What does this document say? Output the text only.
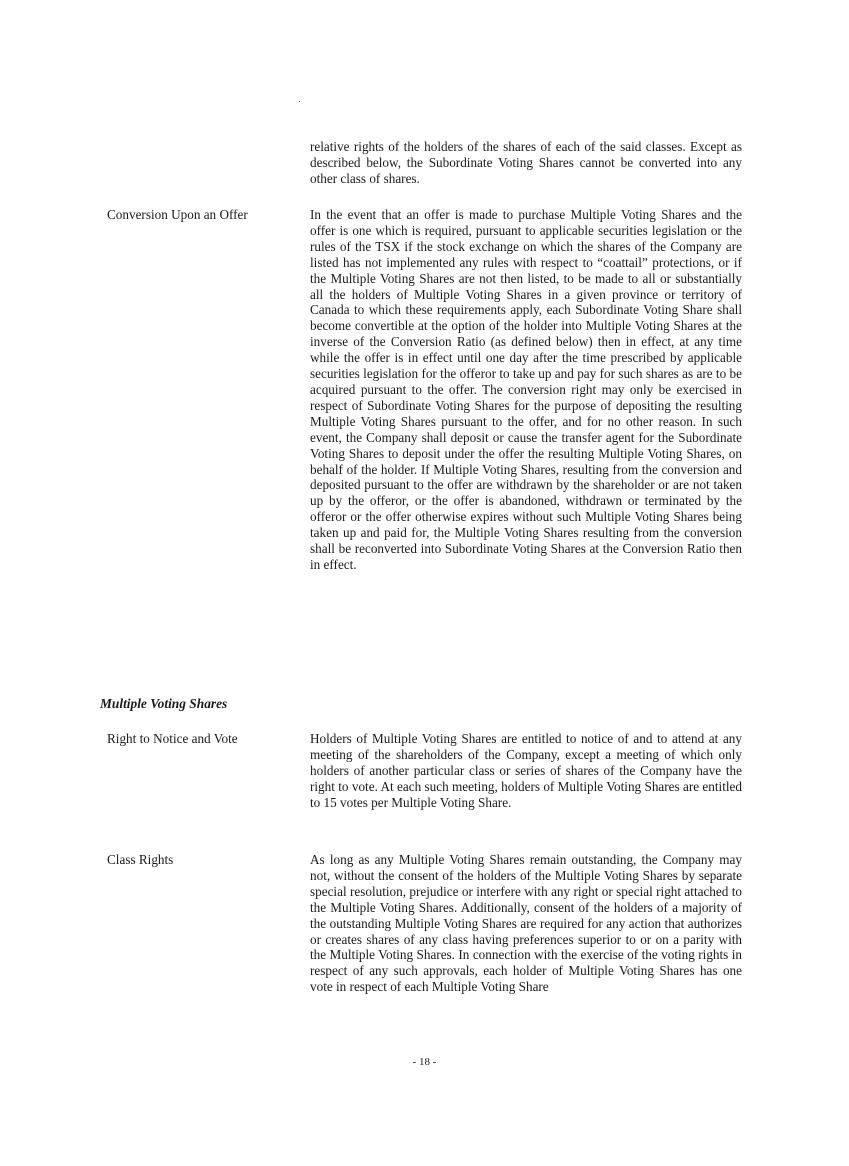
relative rights of the holders of the shares of each of the said classes. Except as described below, the Subordinate Voting Shares cannot be converted into any other class of shares.

Conversion Upon an Offer	In the event that an offer is made to purchase Multiple Voting Shares and the offer is one which is required, pursuant to applicable securities legislation or the rules of the TSX if the stock exchange on which the shares of the Company are listed has not implemented any rules with respect to “coattail” protections, or if the Multiple Voting Shares are not then listed, to be made to all or substantially all the holders of Multiple Voting Shares in a given province or territory of Canada to which these requirements apply, each Subordinate Voting Share shall become convertible at the option of the holder into Multiple Voting Shares at the inverse of the Conversion Ratio (as defined below) then in effect, at any time while the offer is in effect until one day after the time prescribed by applicable securities legislation for the offeror to take up and pay for such shares as are to be acquired pursuant to the offer. The conversion right may only be exercised in respect of Subordinate Voting Shares for the purpose of depositing the resulting Multiple Voting Shares pursuant to the offer, and for no other reason. In such event, the Company shall deposit or cause the transfer agent for the Subordinate Voting Shares to deposit under the offer the resulting Multiple Voting Shares, on behalf of the holder. If Multiple Voting Shares, resulting from the conversion and deposited pursuant to the offer are withdrawn by the shareholder or are not taken up by the offeror, or the offer is abandoned, withdrawn or terminated by the offeror or the offer otherwise expires without such Multiple Voting Shares being taken up and paid for, the Multiple Voting Shares resulting from the conversion shall be reconverted into Subordinate Voting Shares at the Conversion Ratio then in effect.

Multiple Voting Shares

Right to Notice and Vote	Holders of Multiple Voting Shares are entitled to notice of and to attend at any meeting of the shareholders of the Company, except a meeting of which only holders of another particular class or series of shares of the Company have the right to vote. At each such meeting, holders of Multiple Voting Shares are entitled to 15 votes per Multiple Voting Share.

Class Rights	As long as any Multiple Voting Shares remain outstanding, the Company may not, without the consent of the holders of the Multiple Voting Shares by separate special resolution, prejudice or interfere with any right or special right attached to the Multiple Voting Shares. Additionally, consent of the holders of a majority of the outstanding Multiple Voting Shares are required for any action that authorizes or creates shares of any class having preferences superior to or on a parity with the Multiple Voting Shares. In connection with the exercise of the voting rights in respect of any such approvals, each holder of Multiple Voting Shares has one vote in respect of each Multiple Voting Share

- 18 -
